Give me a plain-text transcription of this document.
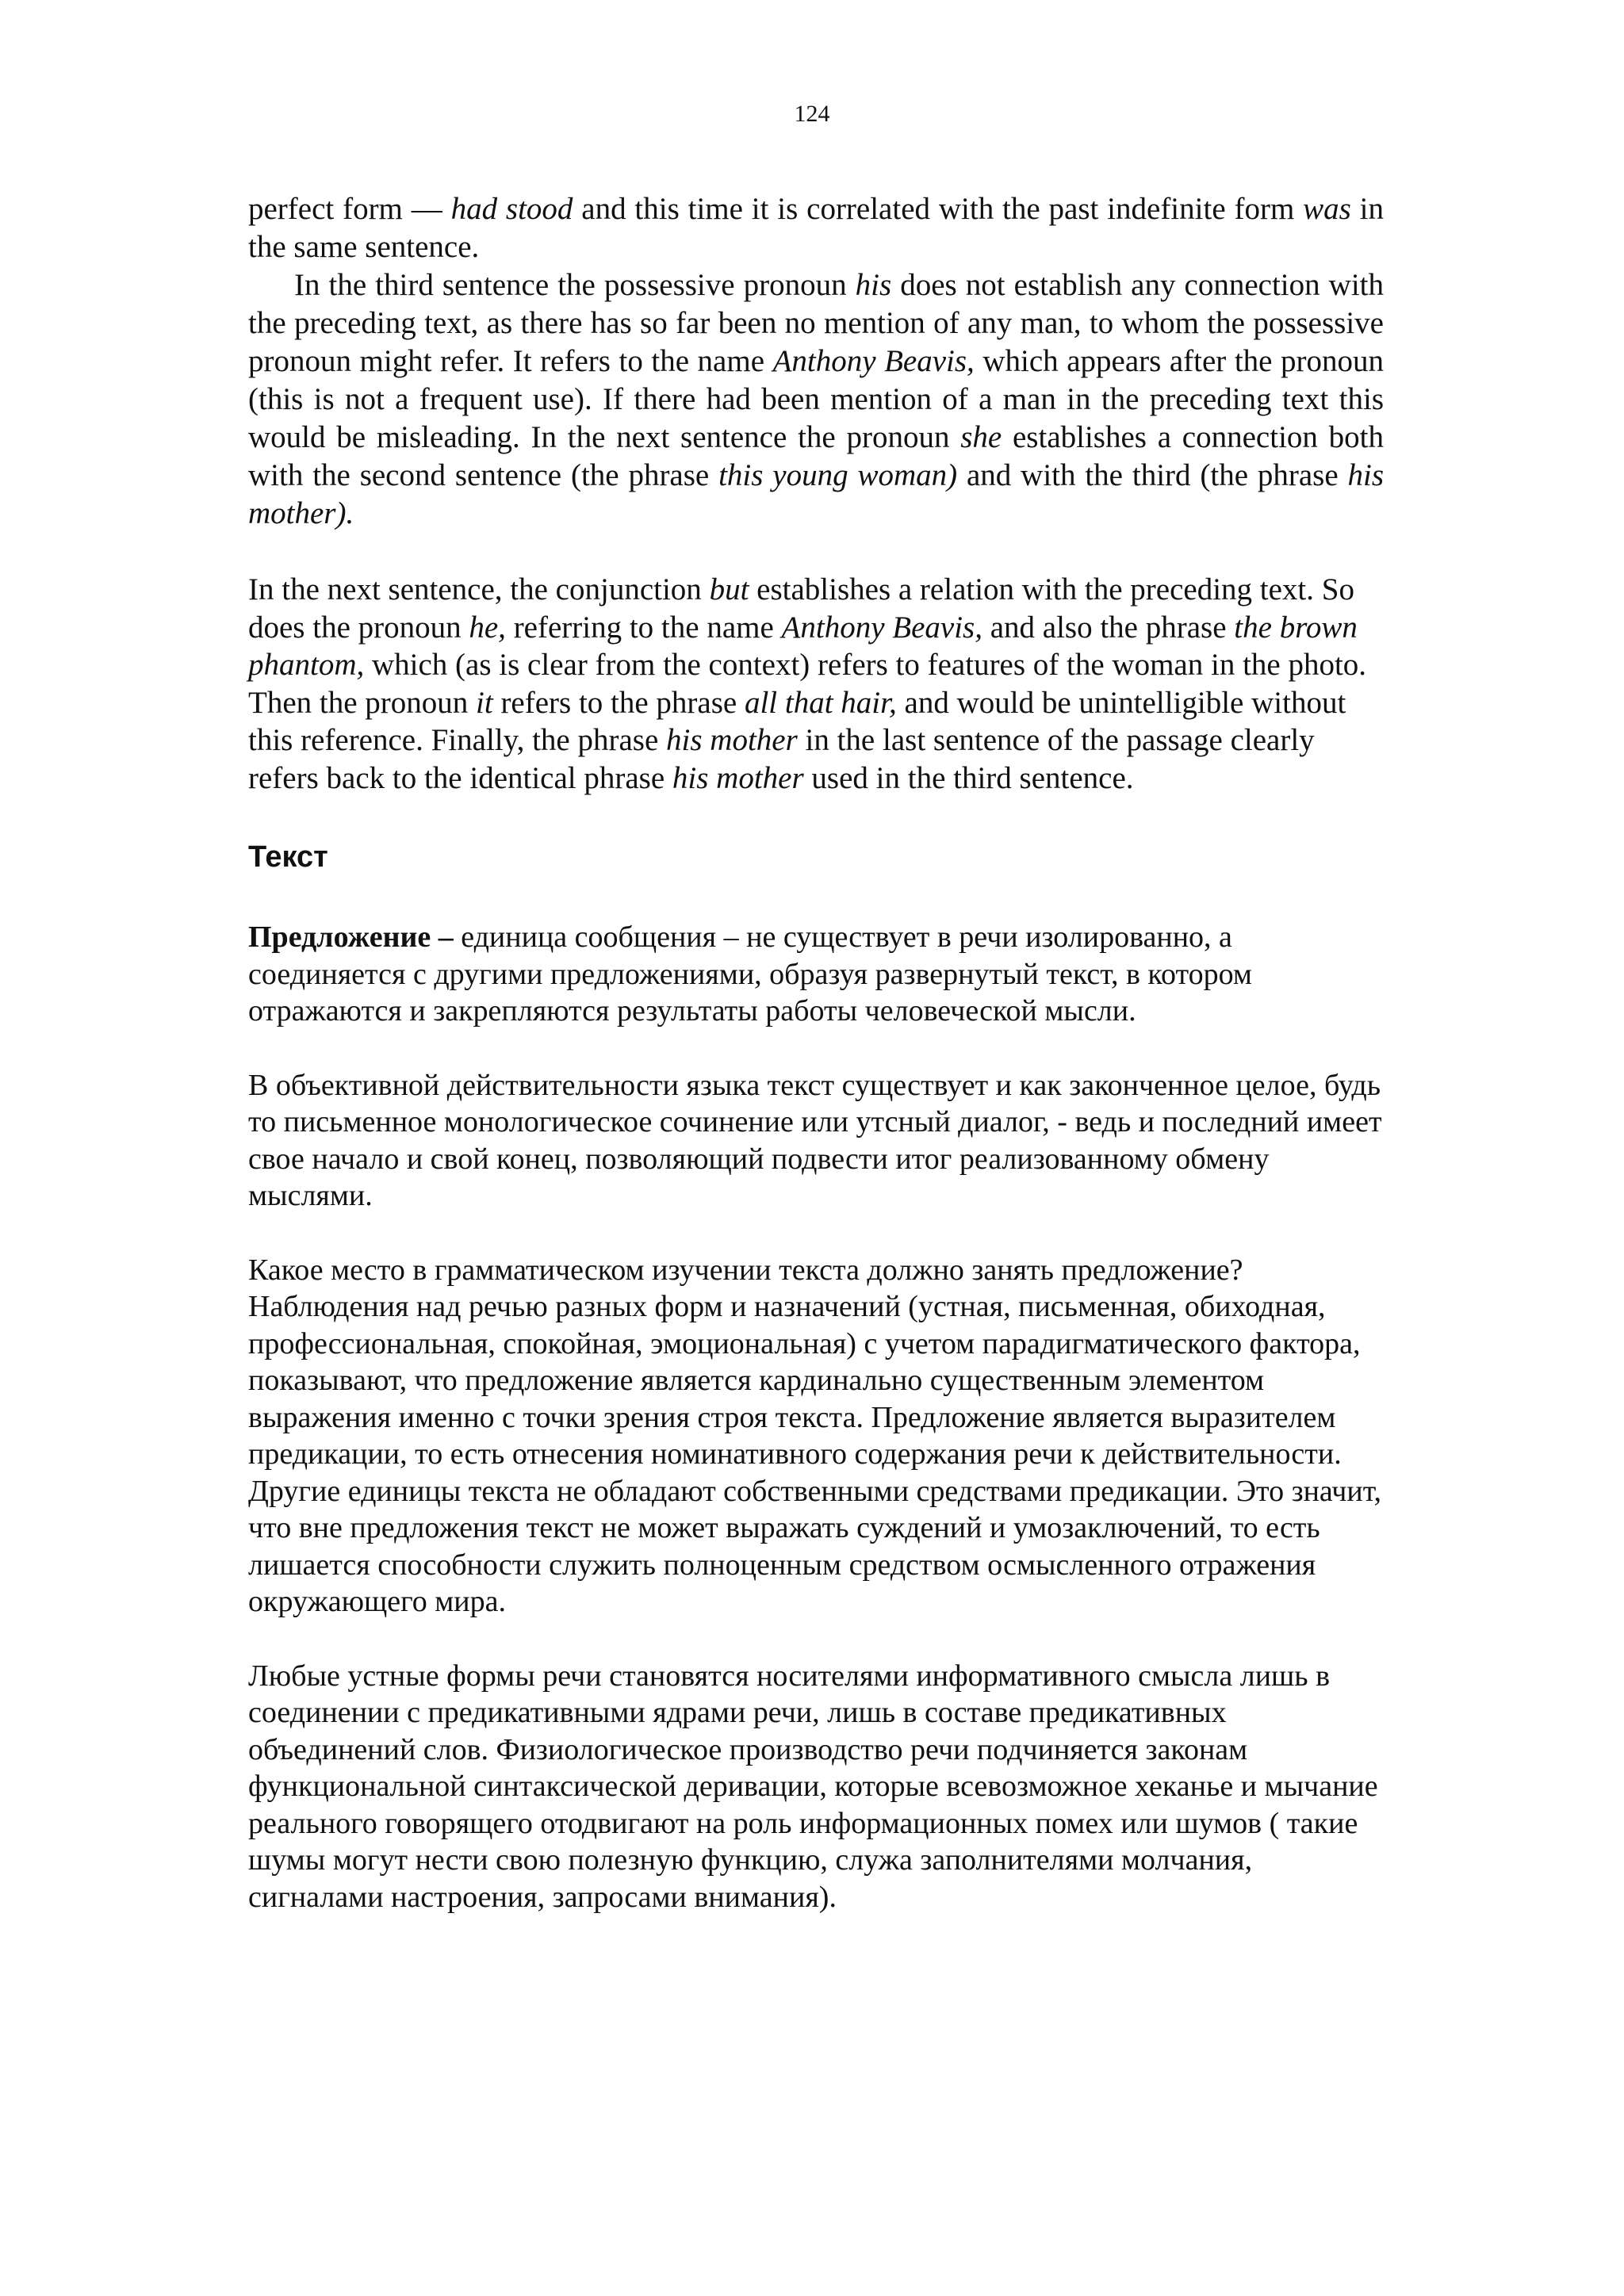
124

perfect form — had stood and this time it is correlated with the past indefinite form was in the same sentence.

In the third sentence the possessive pronoun his does not establish any connection with the preceding text, as there has so far been no mention of any man, to whom the possessive pronoun might refer. It refers to the name Anthony Beavis, which appears after the pronoun (this is not a frequent use). If there had been mention of a man in the preceding text this would be misleading. In the next sentence the pronoun she establishes a connection both with the second sentence (the phrase this young woman) and with the third (the phrase his mother).

In the next sentence, the conjunction but establishes a relation with the preceding text. So does the pronoun he, referring to the name Anthony Beavis, and also the phrase the brown phantom, which (as is clear from the context) refers to features of the woman in the photo. Then the pronoun it refers to the phrase all that hair, and would be unintelligible without this reference. Finally, the phrase his mother in the last sentence of the passage clearly refers back to the identical phrase his mother used in the third sentence.

Текст

Предложение – единица сообщения – не существует в речи изолированно, а соединяется с другими предложениями, образуя развернутый текст, в котором отражаются и закрепляются результаты работы человеческой мысли.

В объективной действительности языка текст существует и как законченное целое, будь то письменное монологическое сочинение или утсный диалог, - ведь и последний имеет свое начало и свой конец, позволяющий подвести итог реализованному обмену мыслями.

Какое место в грамматическом изучении текста должно занять предложение? Наблюдения над речью разных форм и назначений (устная, письменная, обиходная, профессиональная, спокойная, эмоциональная) с учетом парадигматического фактора, показывают, что предложение является кардинально существенным элементом выражения именно с точки зрения строя текста. Предложение является выразителем предикации, то есть отнесения номинативного содержания речи к действительности. Другие единицы текста не обладают собственными средствами предикации. Это значит, что вне предложения текст не может выражать суждений и умозаключений, то есть лишается способности служить полноценным средством осмысленного отражения окружающего мира.

Любые устные формы речи становятся носителями информативного смысла лишь в соединении с предикативными ядрами речи, лишь в составе предикативных объединений слов. Физиологическое производство речи подчиняется законам функциональной синтаксической деривации, которые всевозможное хеканье и мычание реального говорящего отодвигают на роль информационных помех или шумов ( такие шумы могут нести свою полезную функцию, служа заполнителями молчания, сигналами настроения, запросами внимания).
